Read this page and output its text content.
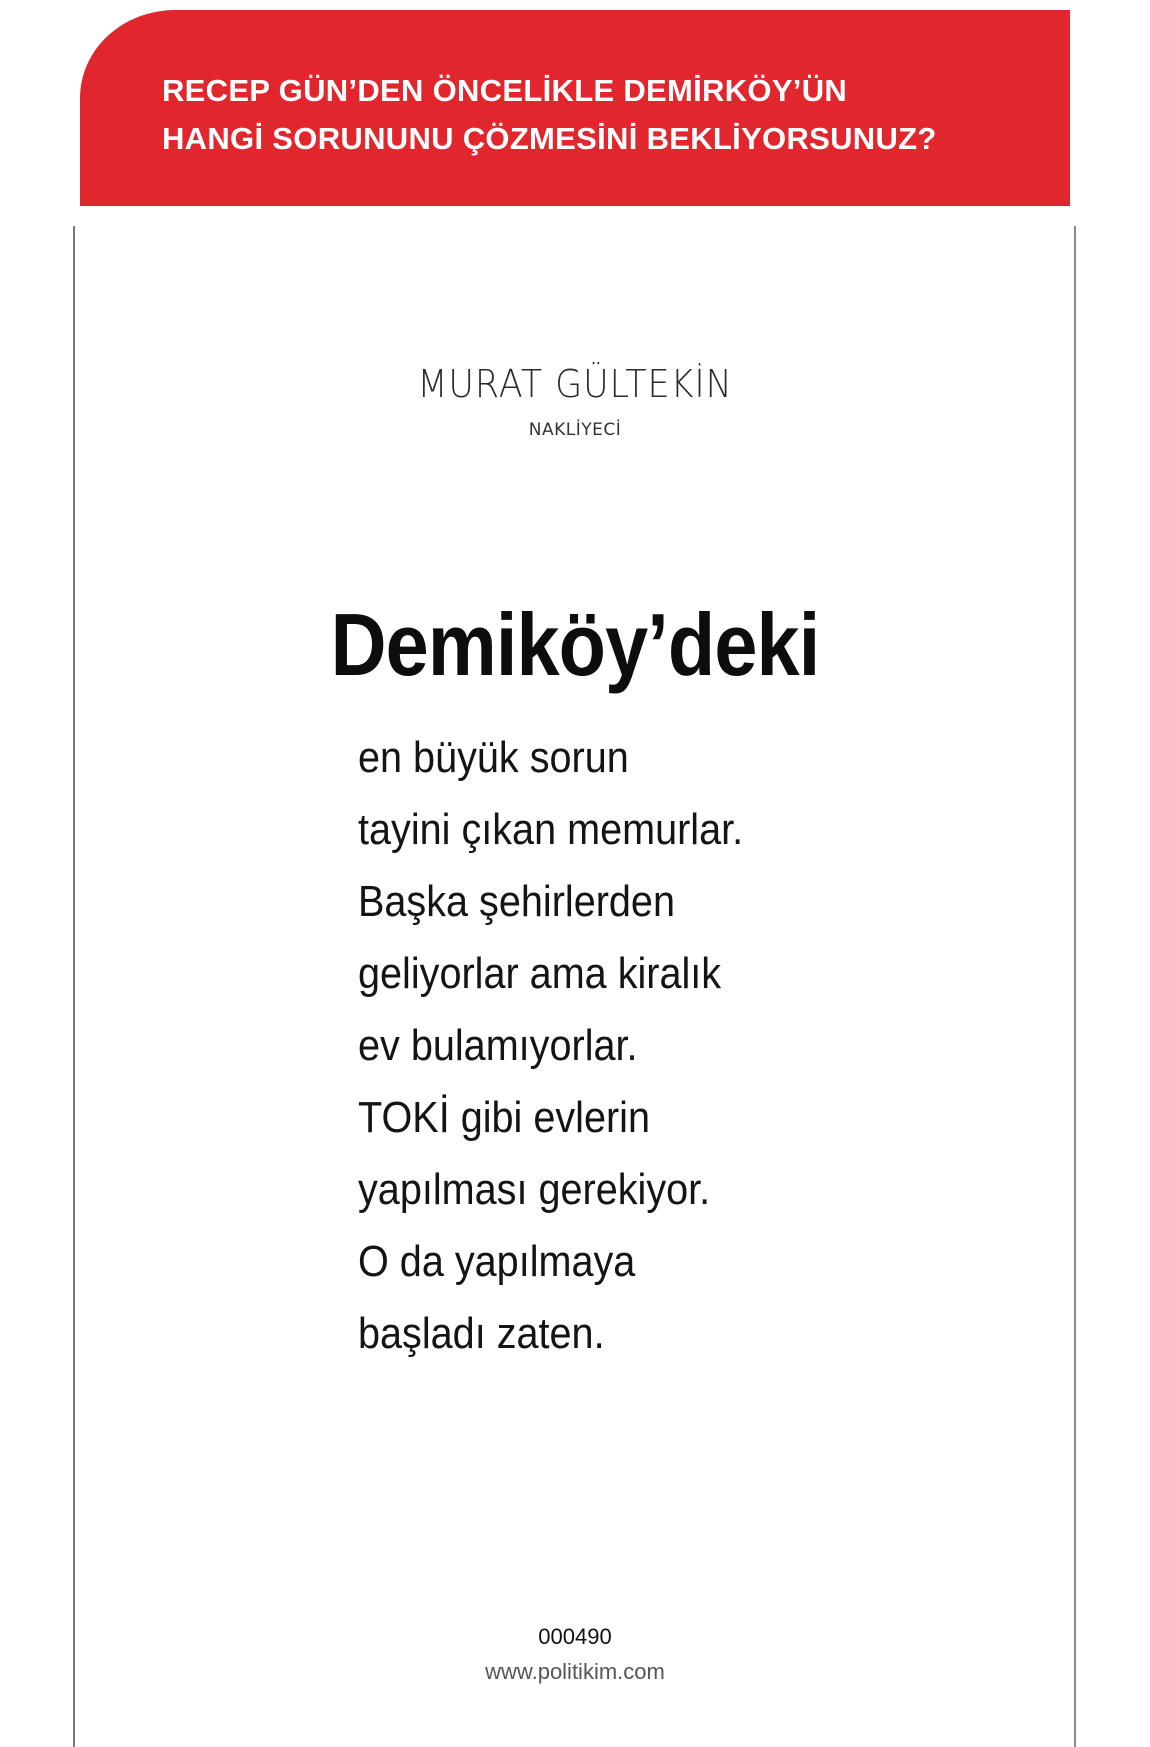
RECEP GÜN’DEN ÖNCELİKLE DEMİRKÖY’ÜN
HANGİ SORUNUNU ÇÖZMESİNİ BEKLİYORSUNUZ?

MURAT GÜLTEKİN
NAKLİYECİ
Demiköy’deki
en büyük sorun
tayini çıkan memurlar.
Başka şehirlerden
geliyorlar ama kiralık
ev bulamıyorlar.
TOKİ gibi evlerin
yapılması gerekiyor.
O da yapılmaya
başladı zaten.
000490
www.politikim.com
